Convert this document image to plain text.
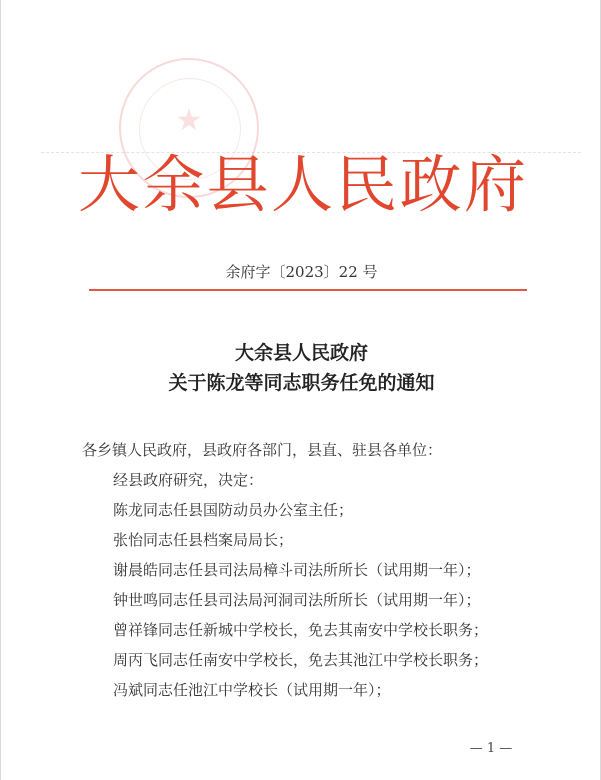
★
大 余 县 人 民 政 府
余府字〔2023〕22 号
大余县人民政府
关于陈龙等同志职务任免的通知
各乡镇人民政府，县政府各部门，县直、驻县各单位：
经县政府研究，决定：
陈龙同志任县国防动员办公室主任；
张怡同志任县档案局局长；
谢晨皓同志任县司法局樟斗司法所所长（试用期一年）；
钟世鸣同志任县司法局河洞司法所所长（试用期一年）；
曾祥锋同志任新城中学校长，免去其南安中学校长职务；
周丙飞同志任南安中学校长，免去其池江中学校长职务；
冯斌同志任池江中学校长（试用期一年）；
— 1 —
